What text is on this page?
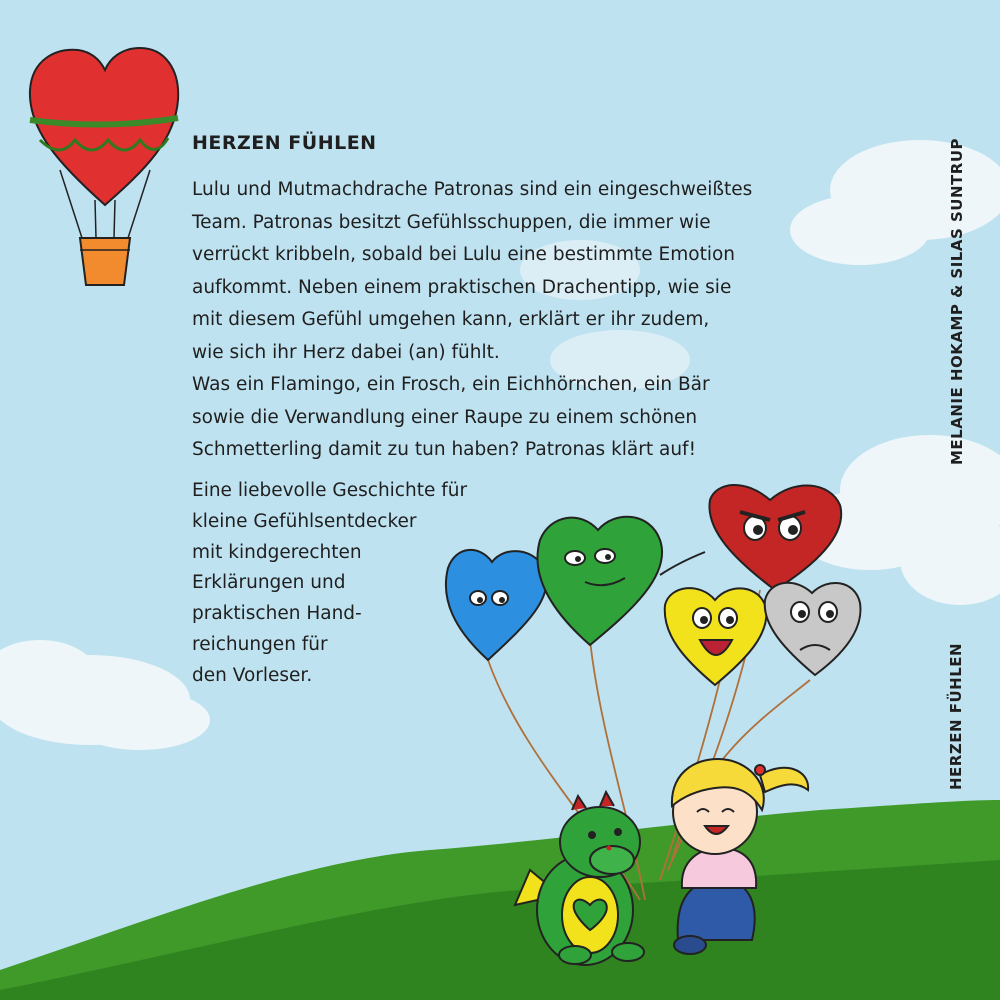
HERZEN FÜHLEN
Lulu und Mutmachdrache Patronas sind ein eingeschweißtes
Team. Patronas besitzt Gefühlsschuppen, die immer wie
verrückt kribbeln, sobald bei Lulu eine bestimmte Emotion
aufkommt. Neben einem praktischen Drachentipp, wie sie
mit diesem Gefühl umgehen kann, erklärt er ihr zudem,
wie sich ihr Herz dabei (an) fühlt.
Was ein Flamingo, ein Frosch, ein Eichhörnchen, ein Bär
sowie die Verwandlung einer Raupe zu einem schönen
Schmetterling damit zu tun haben? Patronas klärt auf!
Eine liebevolle Geschichte für
kleine Gefühlsentdecker
mit kindgerechten
Erklärungen und
praktischen Hand-
reichungen für
den Vorleser.
MELANIE HOKAMP & SILAS SUNTRUP
HERZEN FÜHLEN
